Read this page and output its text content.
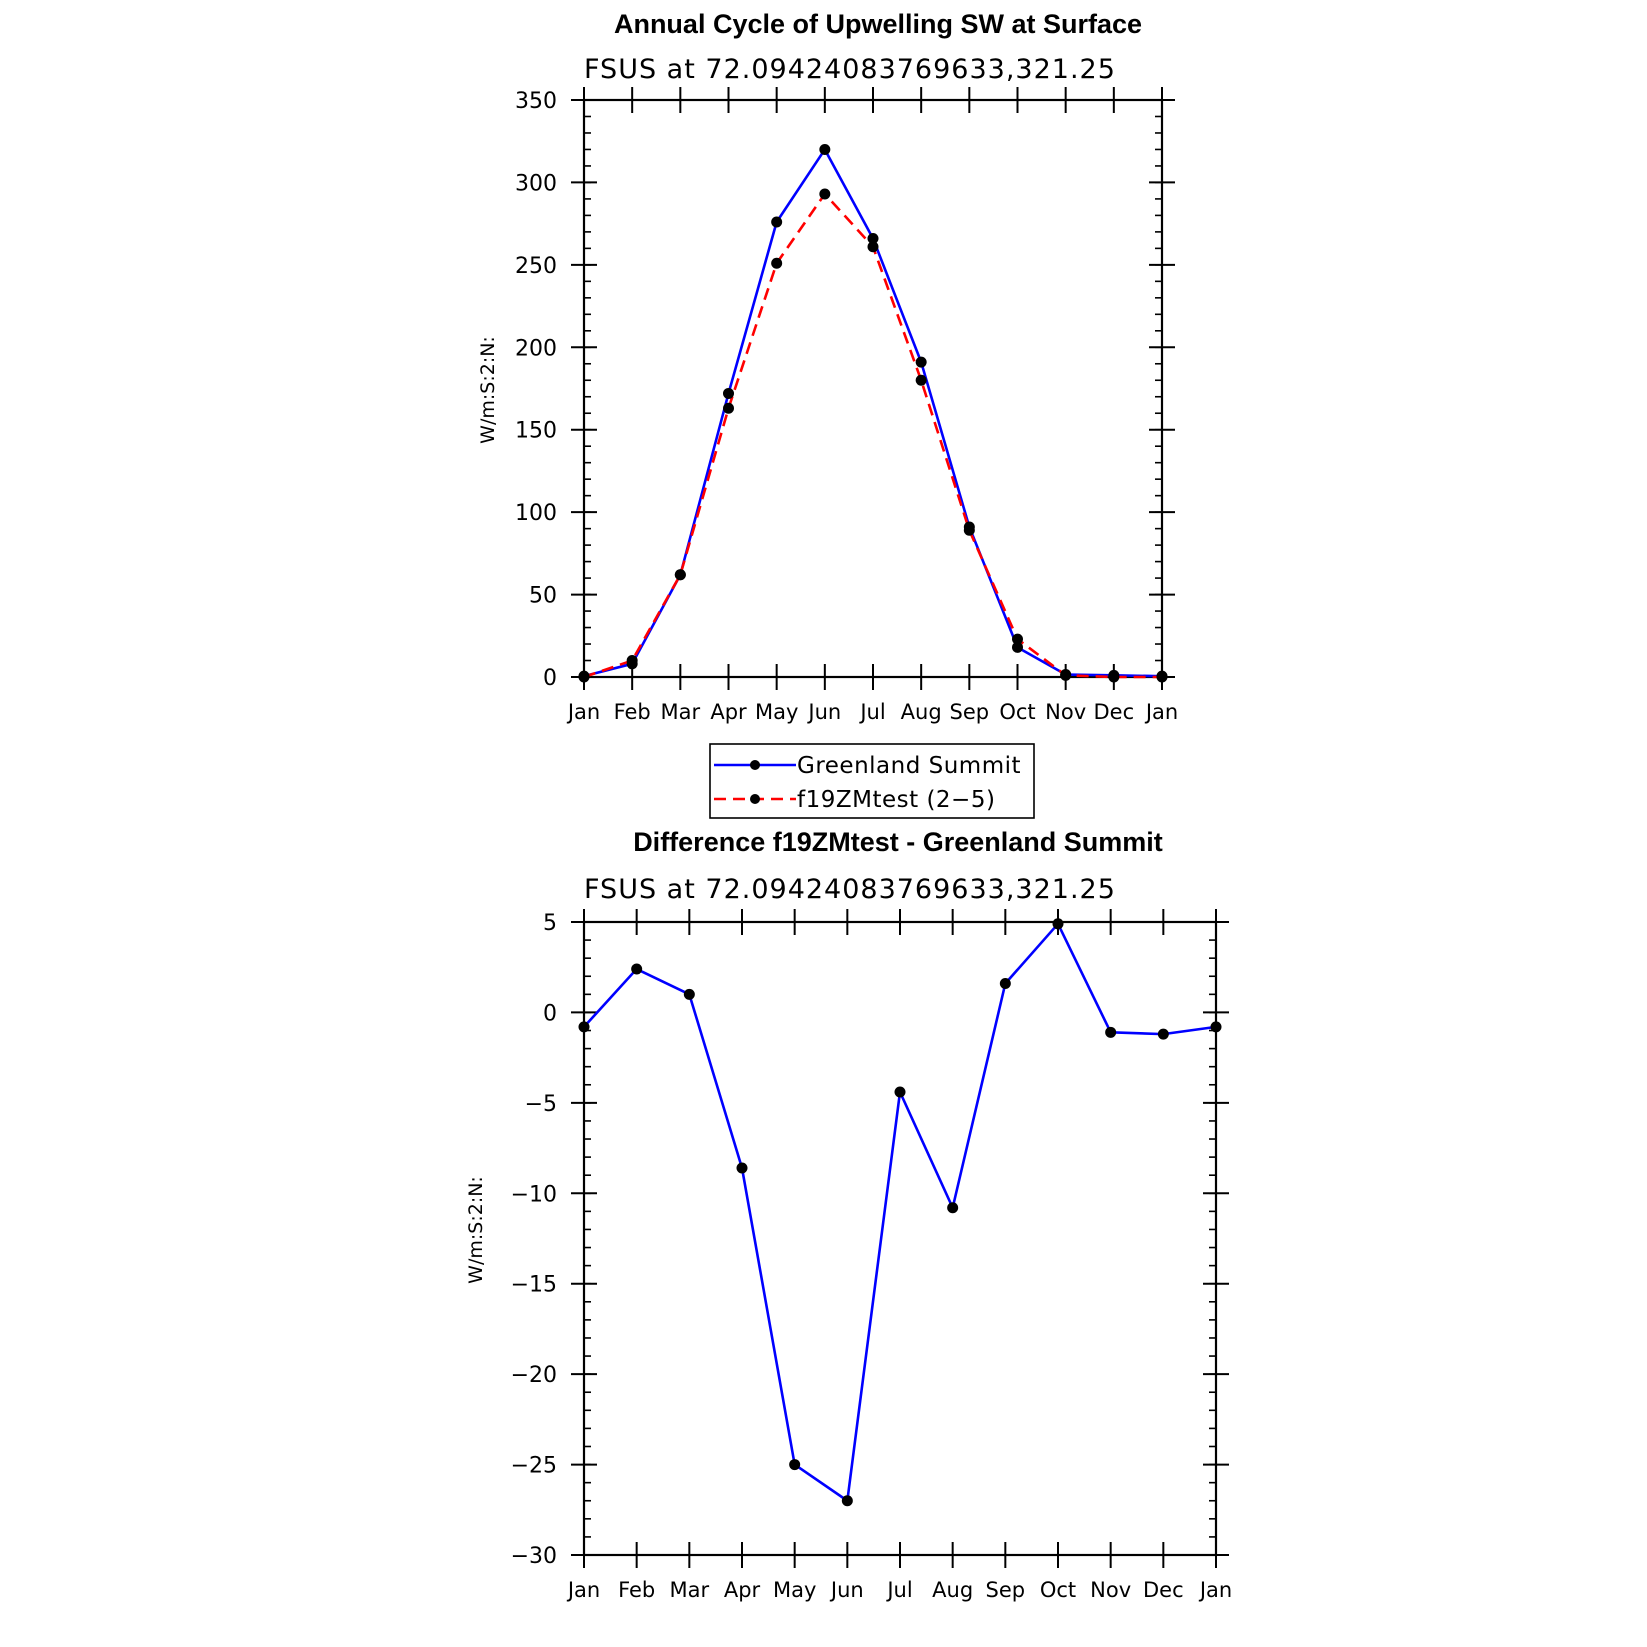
Annual Cycle of Upwelling SW at Surface
FSUS at 72.09424083769633,321.25
W/m:S:2:N:
Jan Feb Mar Apr May Jun Jul Aug Sep Oct Nov Dec Jan
0
50
100
150
200
250
300
350
Greenland Summit
f19ZMtest (2−5)
Difference f19ZMtest - Greenland Summit
FSUS at 72.09424083769633,321.25
W/m:S:2:N:
Jan Feb Mar Apr May Jun Jul Aug Sep Oct Nov Dec Jan
−30
−25
−20
−15
−10
−5
0
5
